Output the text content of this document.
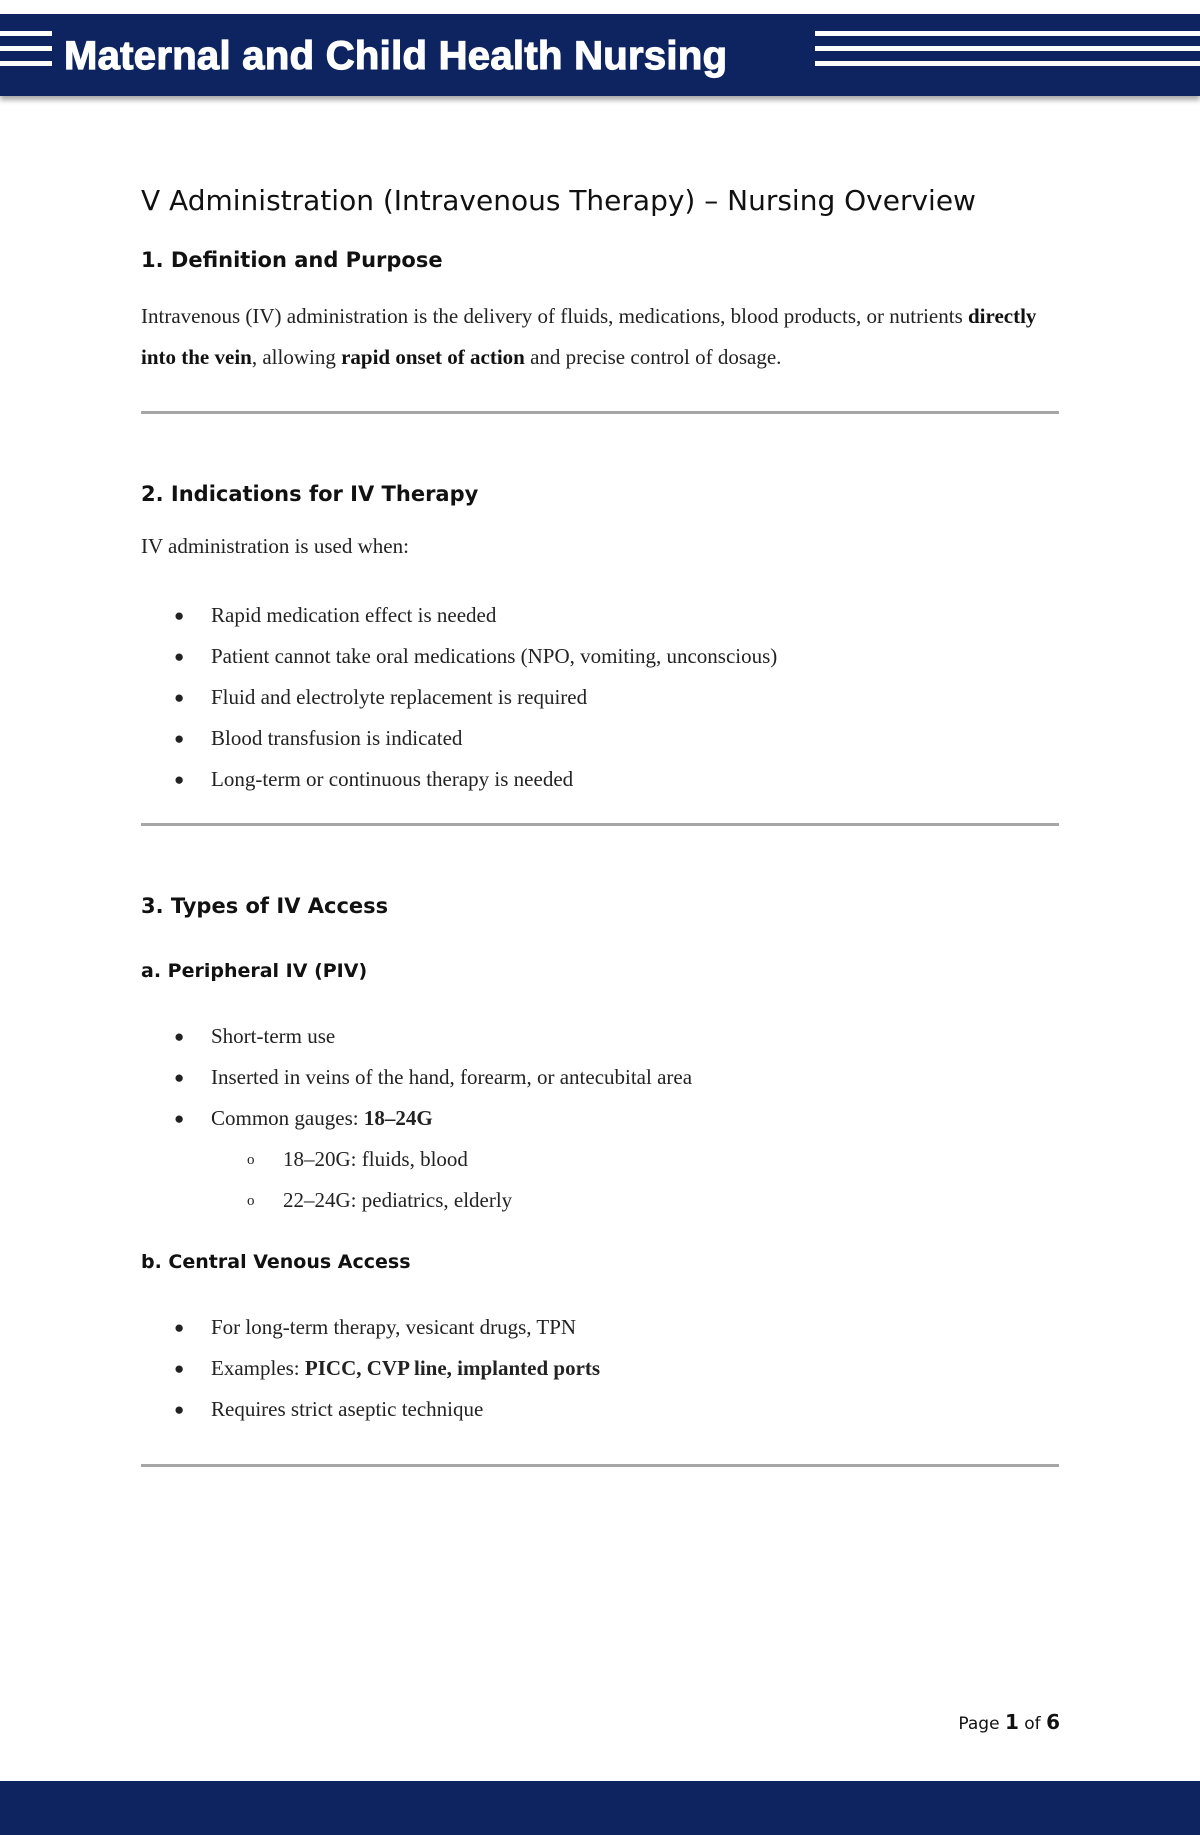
Maternal and Child Health Nursing
V Administration (Intravenous Therapy) – Nursing Overview
1. Definition and Purpose

Intravenous (IV) administration is the delivery of fluids, medications, blood products, or nutrients directly into the vein, allowing rapid onset of action and precise control of dosage.

2. Indications for IV Therapy

IV administration is used when:

● Rapid medication effect is needed
● Patient cannot take oral medications (NPO, vomiting, unconscious)
● Fluid and electrolyte replacement is required
● Blood transfusion is indicated
● Long-term or continuous therapy is needed
3. Types of IV Access
a. Peripheral IV (PIV)
● Short-term use
● Inserted in veins of the hand, forearm, or antecubital area
● Common gauges: 18–24G
o 18–20G: fluids, blood
o 22–24G: pediatrics, elderly
b. Central Venous Access
● For long-term therapy, vesicant drugs, TPN
● Examples: PICC, CVP line, implanted ports
● Requires strict aseptic technique
Page 1 of 6
